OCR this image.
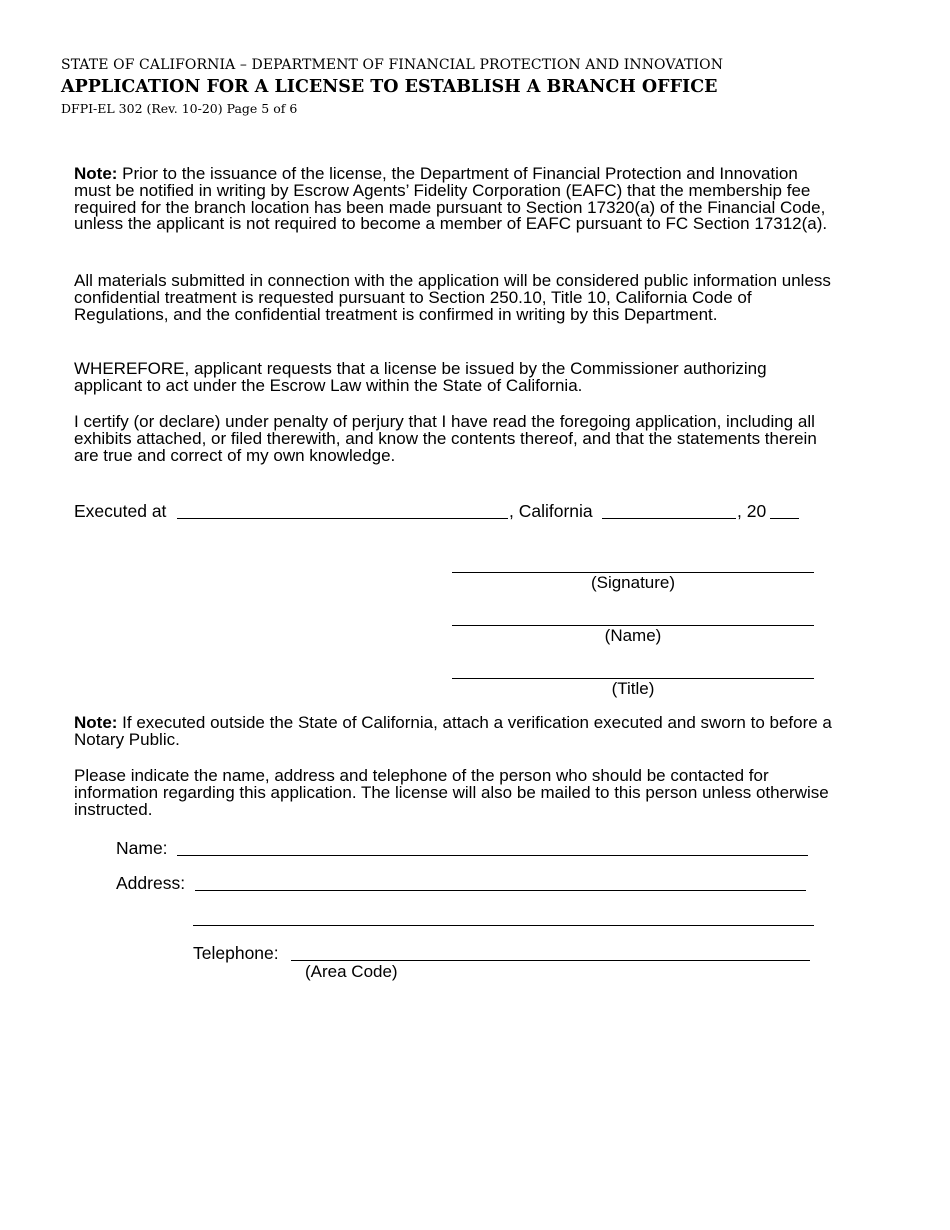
STATE OF CALIFORNIA – DEPARTMENT OF FINANCIAL PROTECTION AND INNOVATION
APPLICATION FOR A LICENSE TO ESTABLISH A BRANCH OFFICE
DFPI-EL 302 (Rev. 10-20) Page 5 of 6
Note: Prior to the issuance of the license, the Department of Financial Protection and Innovation must be notified in writing by Escrow Agents’ Fidelity Corporation (EAFC) that the membership fee required for the branch location has been made pursuant to Section 17320(a) of the Financial Code, unless the applicant is not required to become a member of EAFC pursuant to FC Section 17312(a).
All materials submitted in connection with the application will be considered public information unless confidential treatment is requested pursuant to Section 250.10, Title 10, California Code of Regulations, and the confidential treatment is confirmed in writing by this Department.
WHEREFORE, applicant requests that a license be issued by the Commissioner authorizing applicant to act under the Escrow Law within the State of California.
I certify (or declare) under penalty of perjury that I have read the foregoing application, including all exhibits attached, or filed therewith, and know the contents thereof, and that the statements therein are true and correct of my own knowledge.
Executed at	, California	, 20
(Signature)
(Name)
(Title)
Note: If executed outside the State of California, attach a verification executed and sworn to before a Notary Public.
Please indicate the name, address and telephone of the person who should be contacted for information regarding this application. The license will also be mailed to this person unless otherwise instructed.
Name:
Address:
Telephone:
(Area Code)
